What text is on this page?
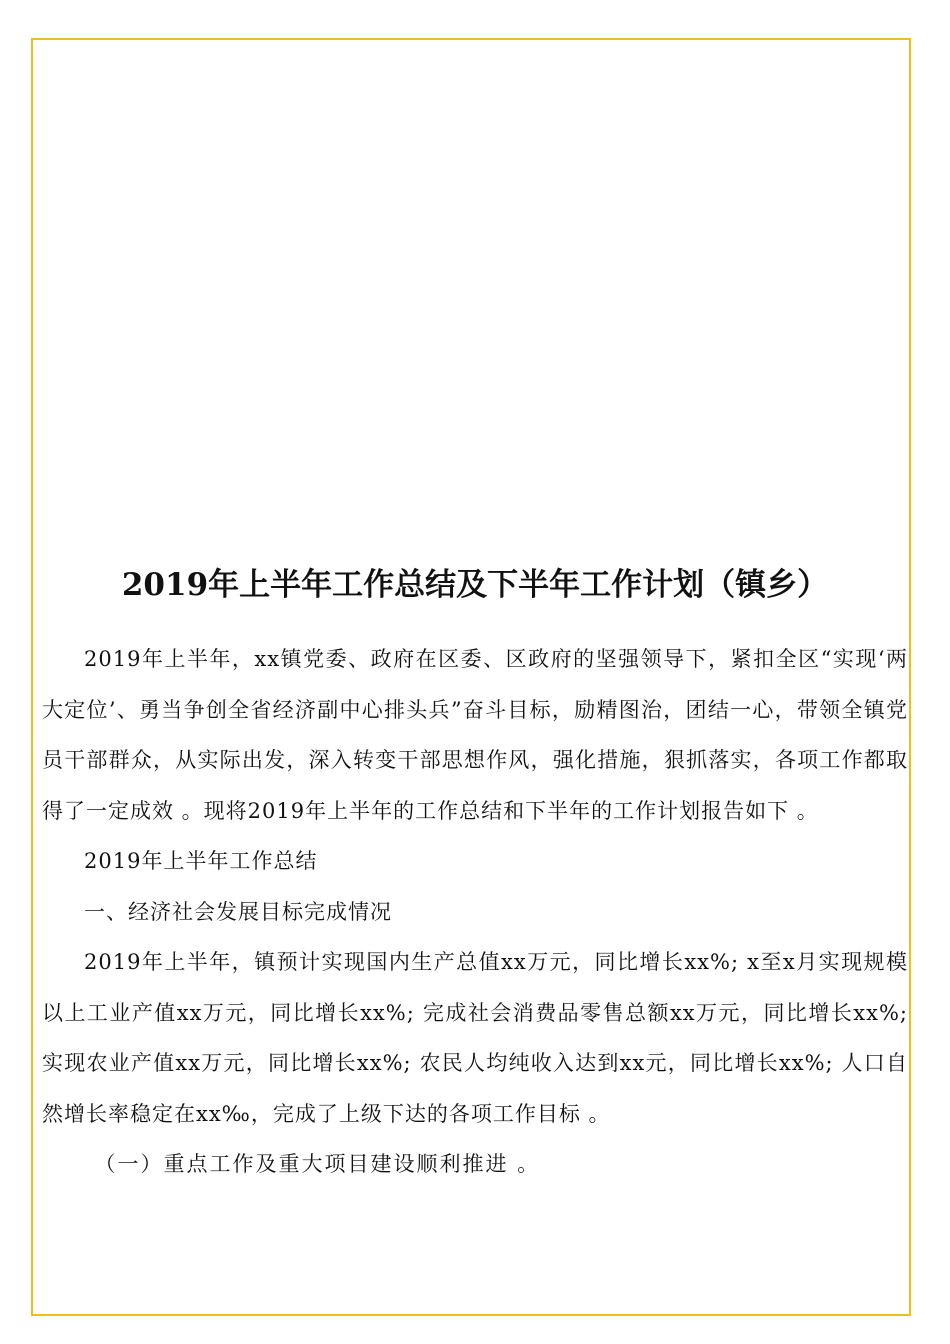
2019年上半年工作总结及下半年工作计划（镇乡）

2019年上半年，xx镇党委、政府在区委、区政府的坚强领导下，紧扣全区“实现‘两大定位’、勇当争创全省经济副中心排头兵”奋斗目标，励精图治，团结一心，带领全镇党员干部群众，从实际出发，深入转变干部思想作风，强化措施，狠抓落实，各项工作都取得了一定成效 。现将2019年上半年的工作总结和下半年的工作计划报告如下 。

2019年上半年工作总结

一、经济社会发展目标完成情况

2019年上半年，镇预计实现国内生产总值xx万元，同比增长xx%; x至x月实现规模以上工业产值xx万元，同比增长xx%; 完成社会消费品零售总额xx万元，同比增长xx%; 实现农业产值xx万元，同比增长xx%; 农民人均纯收入达到xx元，同比增长xx%; 人口自然增长率稳定在xx‰，完成了上级下达的各项工作目标 。

（一）重点工作及重大项目建设顺利推进 。
